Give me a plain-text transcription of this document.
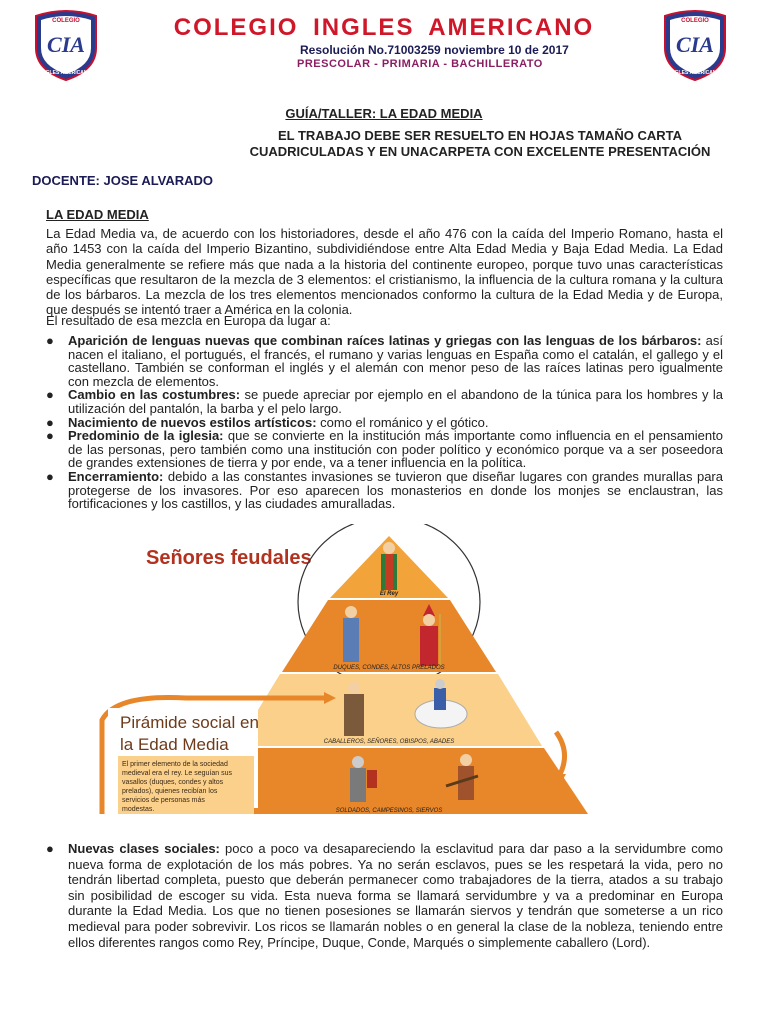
COLEGIO
CIA
INGLES AMERICANO
COLEGIO
CIA
INGLES AMERICANO
COLEGIO INGLES AMERICANO
Resolución No.71003259 noviembre 10 de 2017
PRESCOLAR - PRIMARIA - BACHILLERATO
GUÍA/TALLER: LA EDAD MEDIA
EL TRABAJO DEBE SER RESUELTO EN HOJAS TAMAÑO CARTA CUADRICULADAS Y EN UNACARPETA CON EXCELENTE PRESENTACIÓN
DOCENTE: JOSE ALVARADO
LA EDAD MEDIA
La Edad Media va, de acuerdo con los historiadores, desde el año 476 con la caída del Imperio Romano, hasta el año 1453 con la caída del Imperio Bizantino, subdividiéndose entre Alta Edad Media y Baja Edad Media. La Edad Media generalmente se refiere más que nada a la historia del continente europeo, porque tuvo unas características específicas que resultaron de la mezcla de 3 elementos: el cristianismo, la influencia de la cultura romana y la cultura de los bárbaros. La mezcla de los tres elementos mencionados conformo la cultura de la Edad Media y de Europa, que después se intentó traer a América en la colonia.
El resultado de esa mezcla en Europa da lugar a:
● Aparición de lenguas nuevas que combinan raíces latinas y griegas con las lenguas de los bárbaros: así nacen el italiano, el portugués, el francés, el rumano y varias lenguas en España como el catalán, el gallego y el castellano. También se conforman el inglés y el alemán con menor peso de las raíces latinas pero igualmente con mezcla de elementos.
● Cambio en las costumbres: se puede apreciar por ejemplo en el abandono de la túnica para los hombres y la utilización del pantalón, la barba y el pelo largo.
● Nacimiento de nuevos estilos artísticos: como el románico y el gótico.
● Predominio de la iglesia: que se convierte en la institución más importante como influencia en el pensamiento de las personas, pero también como una institución con poder político y económico porque va a ser poseedora de grandes extensiones de tierra y por ende, va a tener influencia en la política.
● Encerramiento: debido a las constantes invasiones se tuvieron que diseñar lugares con grandes murallas para protegerse de los invasores. Por eso aparecen los monasterios en donde los monjes se enclaustran, las fortificaciones y los castillos, y las ciudades amuralladas.
Señores feudales
El Rey
DUQUES, CONDES, ALTOS PRELADOS
CABALLEROS, SEÑORES, OBISPOS, ABADES
SOLDADOS, CAMPESINOS, SIERVOS
Pirámide social en
la Edad Media
El primer elemento de la sociedad
medieval era el rey. Le seguían sus
vasallos (duques, condes y altos
prelados), quienes recibían los
servicios de personas más
modestas.
● Nuevas clases sociales: poco a poco va desapareciendo la esclavitud para dar paso a la servidumbre como nueva forma de explotación de los más pobres. Ya no serán esclavos, pues se les respetará la vida, pero no tendrán libertad completa, puesto que deberán permanecer como trabajadores de la tierra, atados a su trabajo sin posibilidad de escoger su vida. Esta nueva forma se llamará servidumbre y va a predominar en Europa durante la Edad Media. Los que no tienen posesiones se llamarán siervos y tendrán que someterse a un rico medieval para poder sobrevivir. Los ricos se llamarán nobles o en general la clase de la nobleza, teniendo entre ellos diferentes rangos como Rey, Príncipe, Duque, Conde, Marqués o simplemente caballero (Lord).
